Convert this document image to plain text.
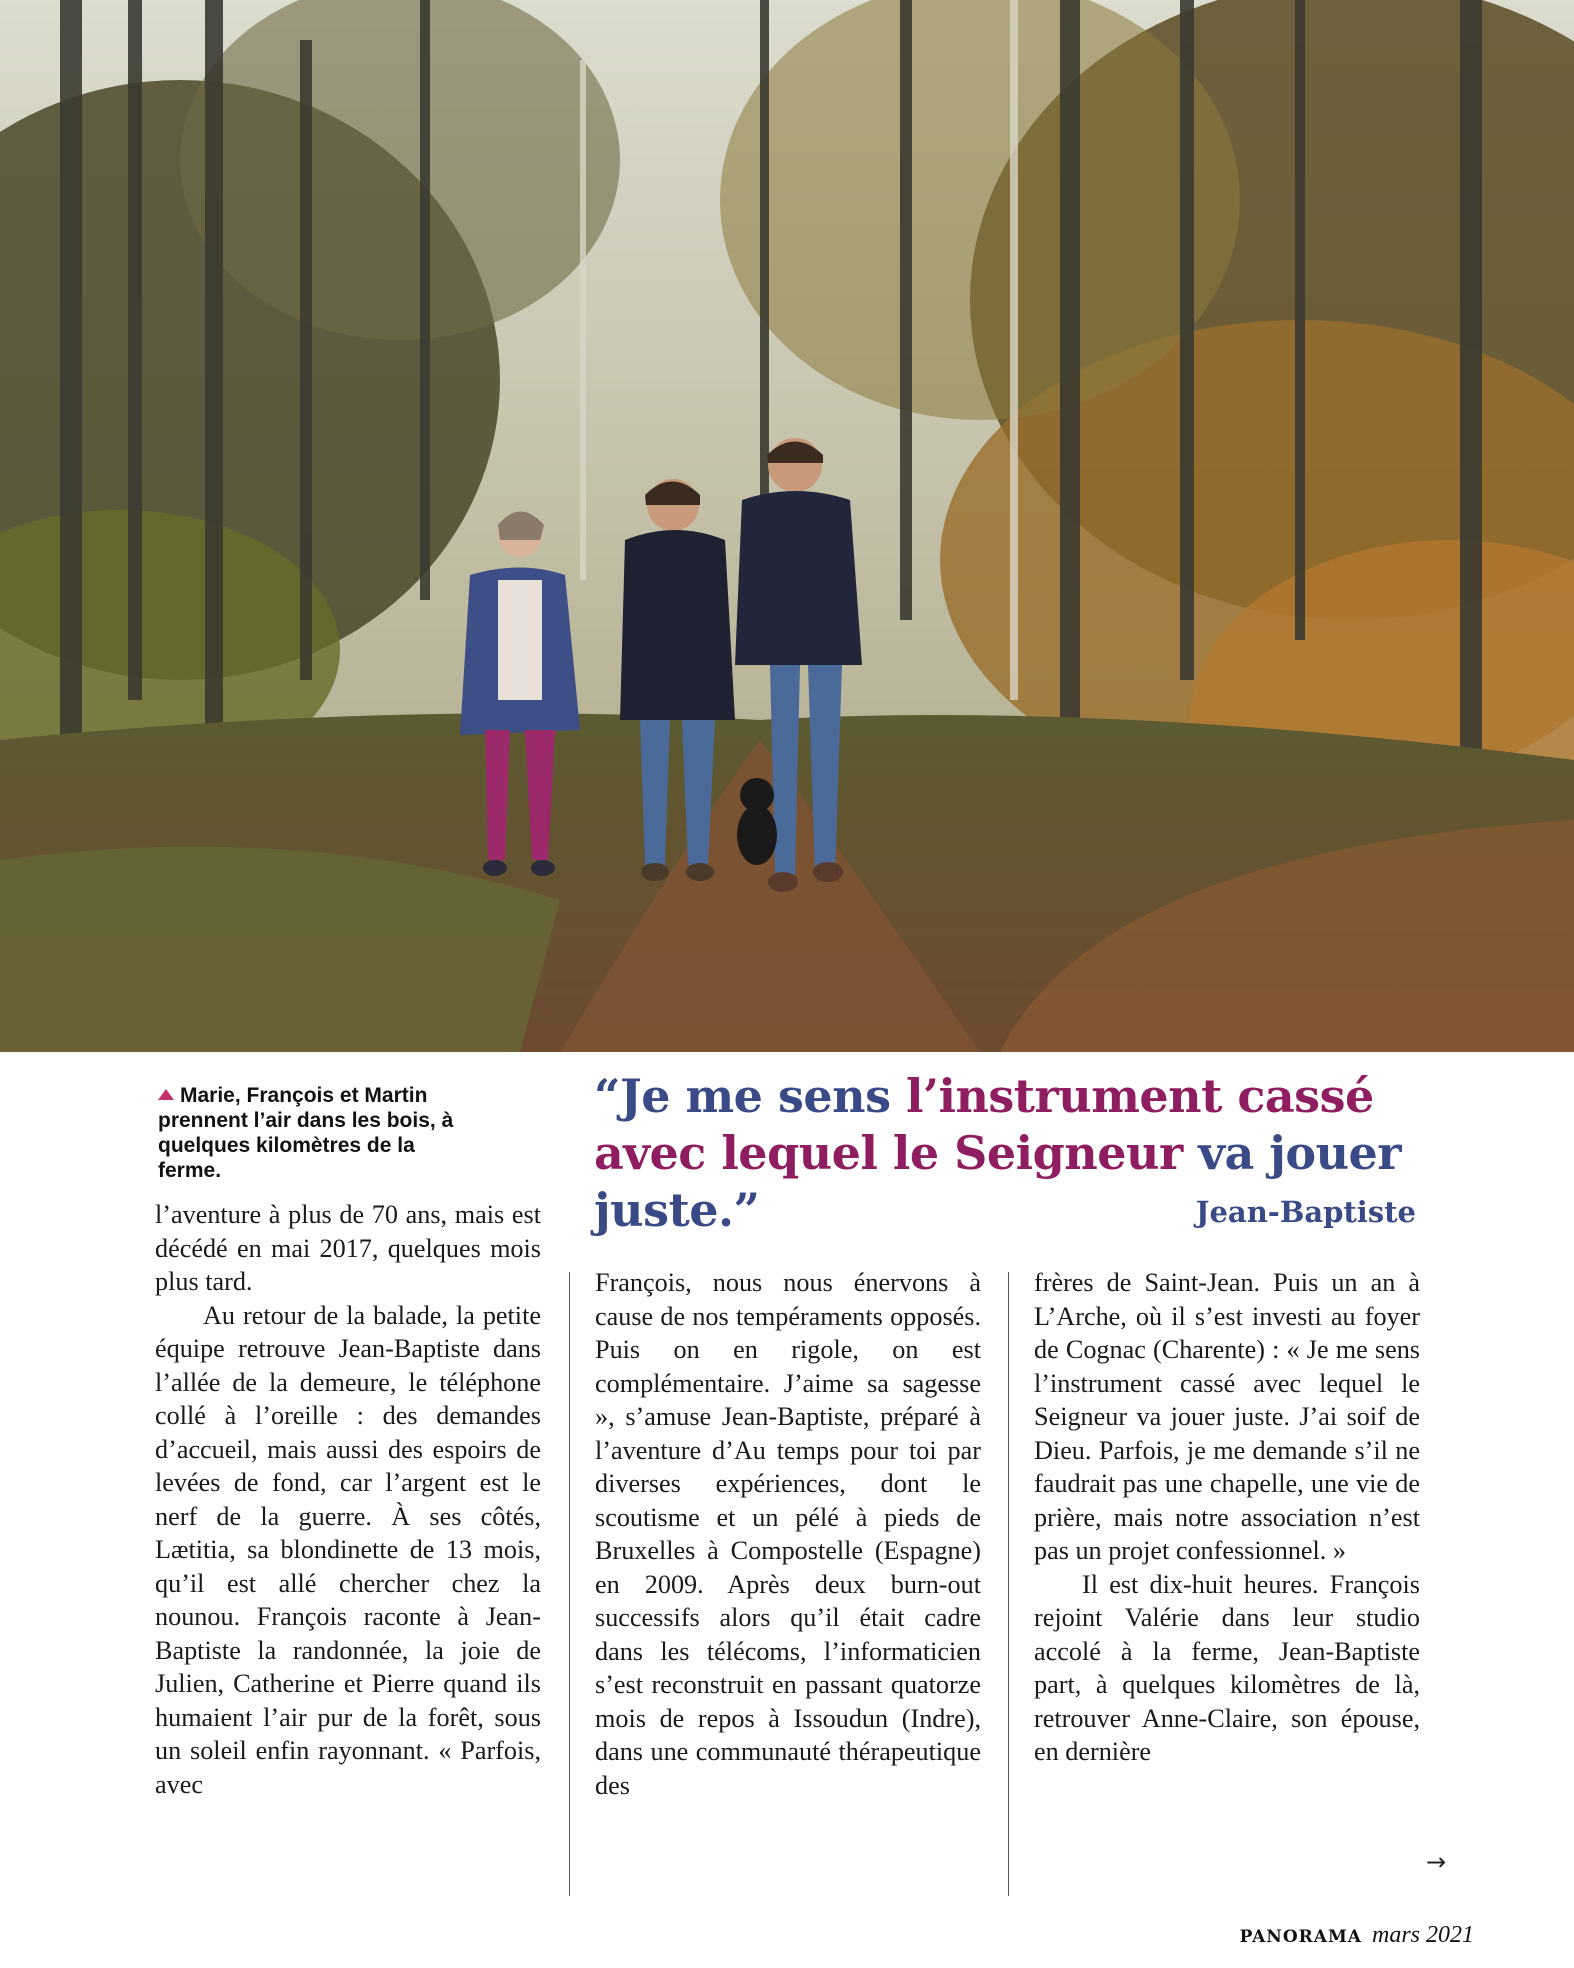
Marie, François et Martin prennent l’air dans les bois, à quelques kilomètres de la ferme.
“Je me sens l’instrument cassé avec lequel le Seigneur va jouer juste.”	Jean-Baptiste

l’aventure à plus de 70 ans, mais est décédé en mai 2017, quelques mois plus tard.

Au retour de la balade, la petite équipe retrouve Jean-Baptiste dans l’allée de la demeure, le téléphone collé à l’oreille : des demandes d’accueil, mais aussi des espoirs de levées de fond, car l’argent est le nerf de la guerre. À ses côtés, Lætitia, sa blondinette de 13 mois, qu’il est allé chercher chez la nounou. François raconte à Jean-Baptiste la randonnée, la joie de Julien, Catherine et Pierre quand ils humaient l’air pur de la forêt, sous un soleil enfin rayonnant. « Parfois, avec

François, nous nous énervons à cause de nos tempéraments opposés. Puis on en rigole, on est complémentaire. J’aime sa sagesse », s’amuse Jean-Baptiste, préparé à l’aventure d’Au temps pour toi par diverses expériences, dont le scoutisme et un pélé à pieds de Bruxelles à Compostelle (Espagne) en 2009. Après deux burn-out successifs alors qu’il était cadre dans les télécoms, l’informaticien s’est reconstruit en passant quatorze mois de repos à Issoudun (Indre), dans une communauté thérapeutique des

frères de Saint-Jean. Puis un an à L’Arche, où il s’est investi au foyer de Cognac (Charente) : « Je me sens l’instrument cassé avec lequel le Seigneur va jouer juste. J’ai soif de Dieu. Parfois, je me demande s’il ne faudrait pas une chapelle, une vie de prière, mais notre association n’est pas un projet confessionnel. »

Il est dix-huit heures. François rejoint Valérie dans leur studio accolé à la ferme, Jean-Baptiste part, à quelques kilomètres de là, retrouver Anne-Claire, son épouse, en dernière

→
PANORAMA mars 2021
